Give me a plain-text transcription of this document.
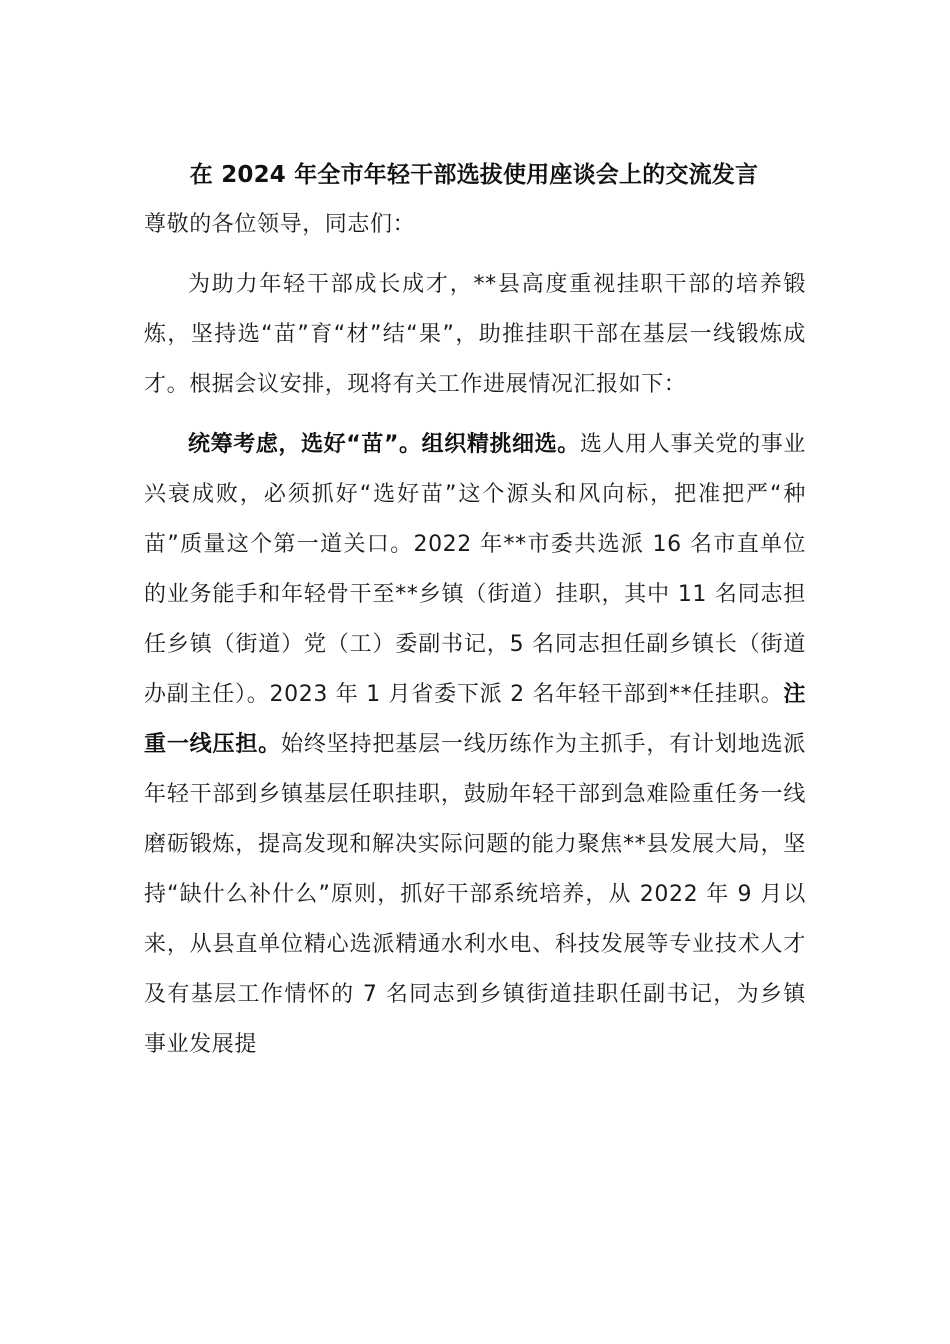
在 2024 年全市年轻干部选拔使用座谈会上的交流发言

尊敬的各位领导，同志们：

为助力年轻干部成长成才，**县高度重视挂职干部的培养锻炼，坚持选“苗”育“材”结“果”，助推挂职干部在基层一线锻炼成才。根据会议安排，现将有关工作进展情况汇报如下：

统筹考虑，选好“苗”。组织精挑细选。选人用人事关党的事业兴衰成败，必须抓好“选好苗”这个源头和风向标，把准把严“种苗”质量这个第一道关口。2022 年**市委共选派 16 名市直单位的业务能手和年轻骨干至**乡镇（街道）挂职，其中 11 名同志担任乡镇（街道）党（工）委副书记，5 名同志担任副乡镇长（街道办副主任）。2023 年 1 月省委下派 2 名年轻干部到**任挂职。注重一线压担。始终坚持把基层一线历练作为主抓手，有计划地选派年轻干部到乡镇基层任职挂职，鼓励年轻干部到急难险重任务一线磨砺锻炼，提高发现和解决实际问题的能力聚焦**县发展大局，坚持“缺什么补什么”原则，抓好干部系统培养，从 2022 年 9 月以来，从县直单位精心选派精通水利水电、科技发展等专业技术人才及有基层工作情怀的 7 名同志到乡镇街道挂职任副书记，为乡镇事业发展提
